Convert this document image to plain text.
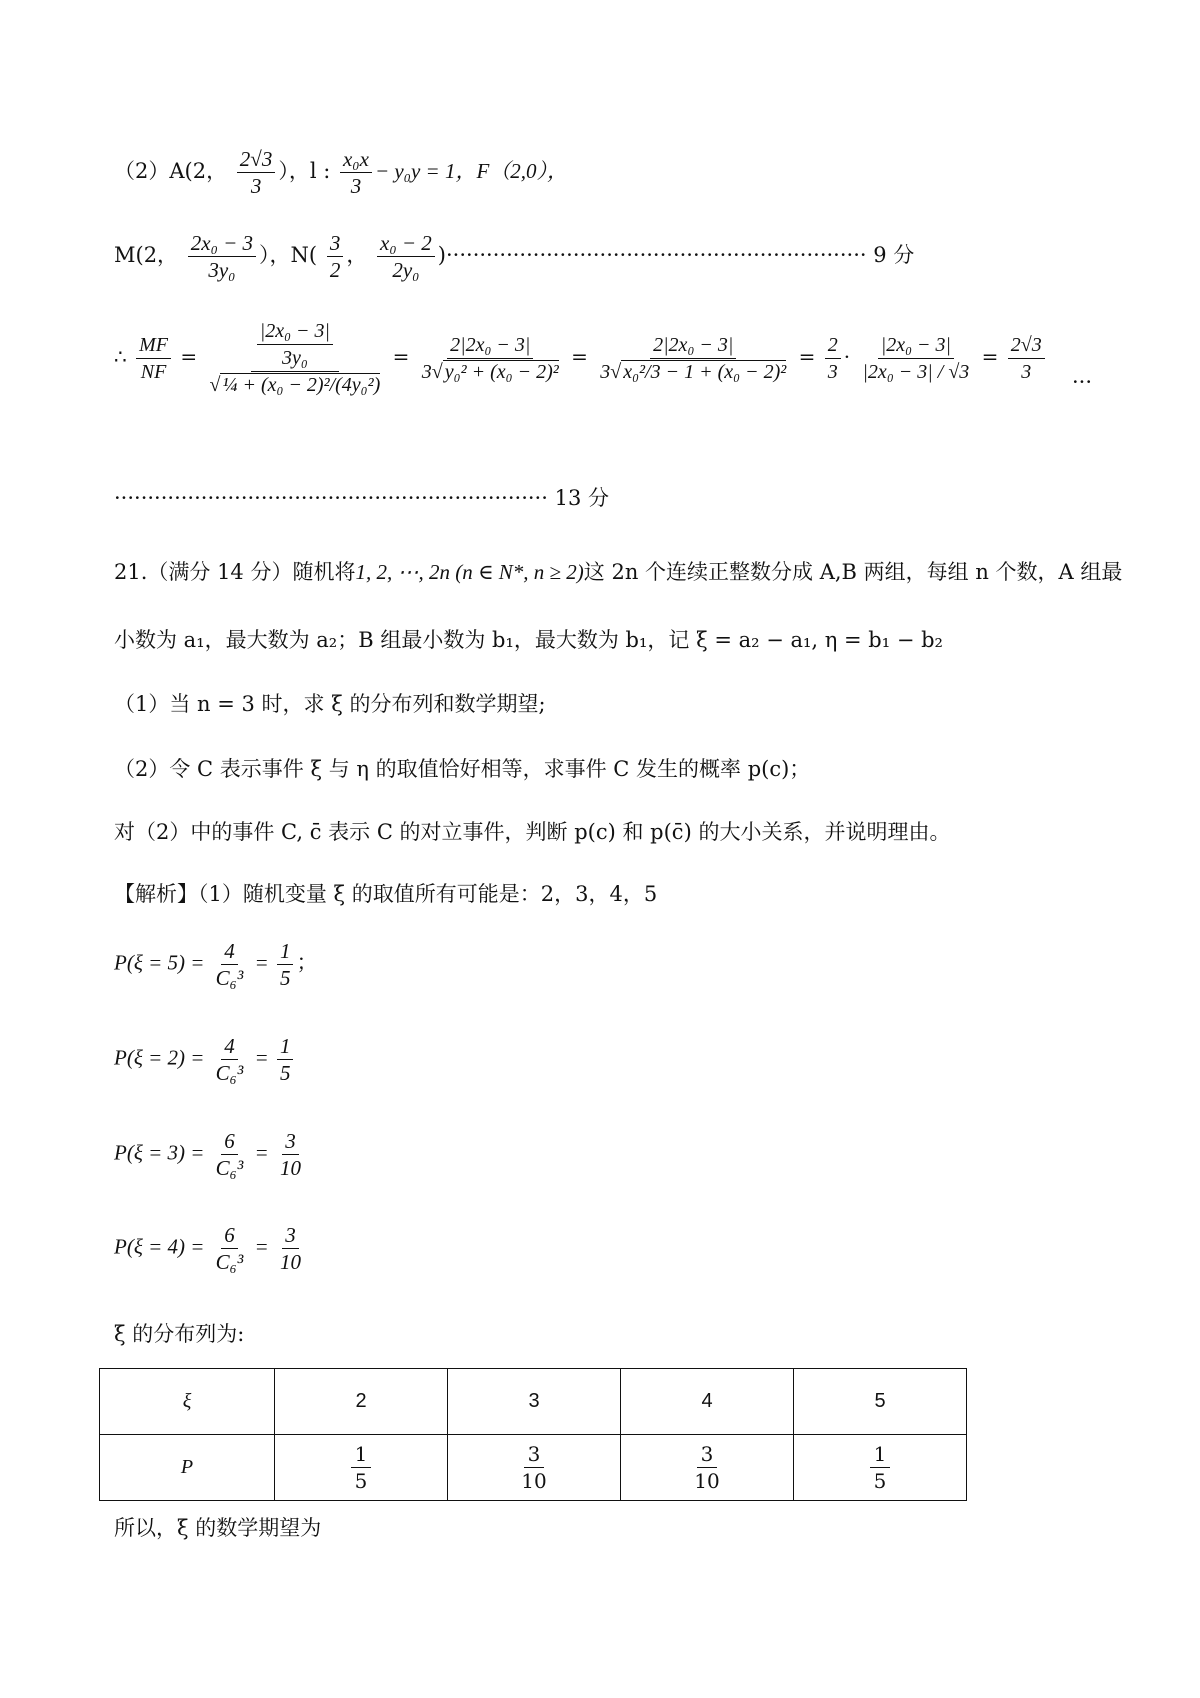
（2）A(2， $\frac{2√3}{3}$ ），l : $\frac{\text{x₀x}}{3} - y_0y = 1$，F（2,0），
M(2， $\frac{\text{2x₀ − 3}}{\text{3y₀}}$ ），$N( \frac{3}{2}$ ， $\frac{\text{x₀ − 2}}{\text{2y₀}}$ )······························································· 9 分
∴ $\frac{MF}{NF} = \frac{\frac{\text{|2x₀ − 3|}}{\text{3y₀}}}{\text{√ ¼ + (x₀ − 2)²/(4y₀²)}} = \frac{\text{2|2x₀ − 3|}}{\text{3√ y₀² + (x₀ − 2)²}} = \frac{\text{2|2x₀ − 3|}}{\text{3√ x₀²/3 − 1 + (x₀ − 2)²}} = \frac{2}{3} \cdot \frac{\text{|2x₀ − 3|}}{\text{|2x₀ − 3| / √3}} = \frac{2√3}{3}$ ···
································································· 13 分
21.（满分 14 分）随机将1, 2, ⋯, 2n (n ∈ N*, n ≥ 2)这 2n 个连续正整数分成 A,B 两组，每组 n 个数，A 组最
小数为 a₁，最大数为 a₂；B 组最小数为 b₁，最大数为 b₁，记 ξ = a₂ − a₁, η = b₁ − b₂
（1）当 n = 3 时，求 ξ 的分布列和数学期望;
（2）令 C 表示事件 ξ 与 η 的取值恰好相等，求事件 C 发生的概率 p(c)；
对（2）中的事件 C, c̄ 表示 C 的对立事件，判断 p(c) 和 p(c̄) 的大小关系，并说明理由。
【解析】（1）随机变量 ξ 的取值所有可能是：2，3，4，5
$P(\xi = 5) = \frac{4}{\text{C₆³}} = \frac{1}{5}$ ；
$P(\xi = 2) = \frac{4}{\text{C₆³}} = \frac{1}{5}$
$P(\xi = 3) = \frac{6}{\text{C₆³}} = \frac{3}{10}$
$P(\xi = 4) = \frac{6}{\text{C₆³}} = \frac{3}{10}$
ξ 的分布列为:
ξ	2	3	4	5
P	$\frac{1}{5}$	$\frac{3}{10}$	$\frac{3}{10}$	$\frac{1}{5}$
所以，ξ 的数学期望为
